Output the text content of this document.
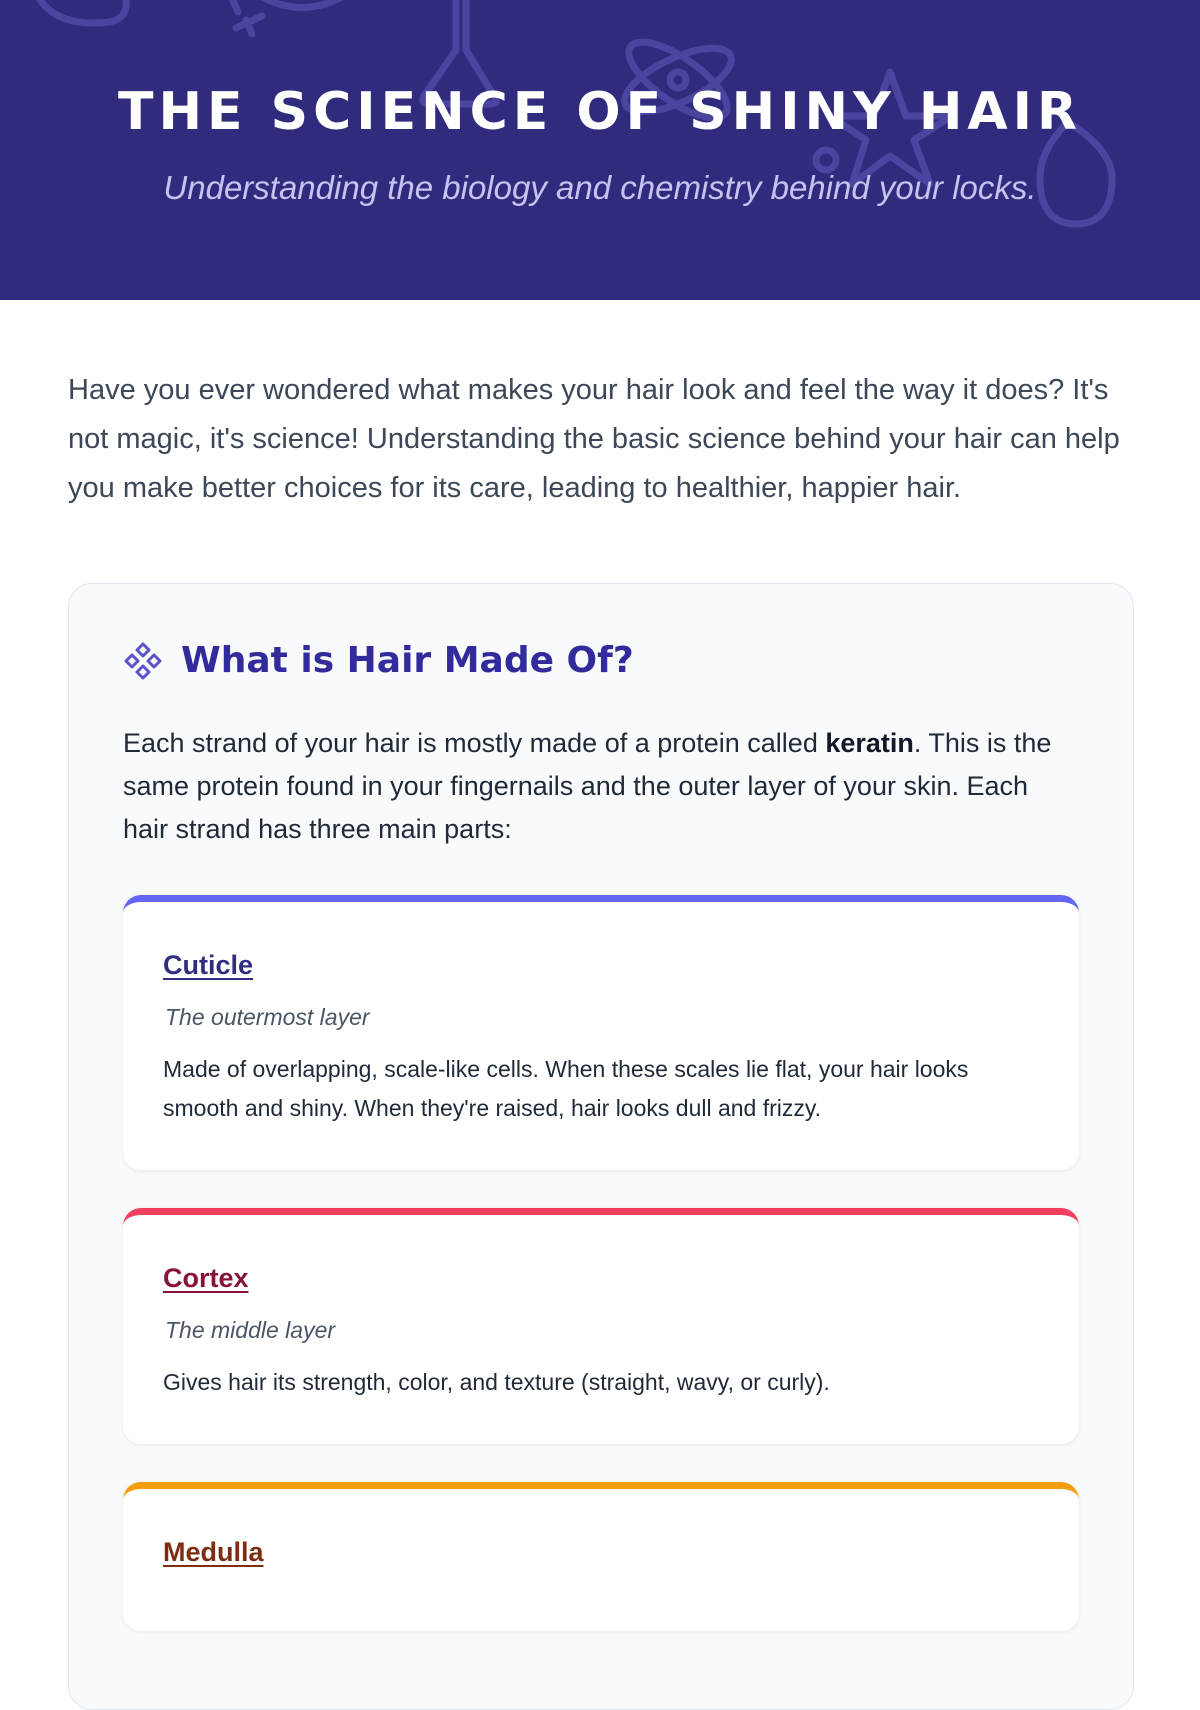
THE SCIENCE OF SHINY HAIR

Understanding the biology and chemistry behind your locks.

Have you ever wondered what makes your hair look and feel the way it does? It's not magic, it's science! Understanding the basic science behind your hair can help you make better choices for its care, leading to healthier, happier hair.

What is Hair Made Of?

Each strand of your hair is mostly made of a protein called keratin. This is the same protein found in your fingernails and the outer layer of your skin. Each hair strand has three main parts:

Cuticle

The outermost layer

Made of overlapping, scale-like cells. When these scales lie flat, your hair looks smooth and shiny. When they're raised, hair looks dull and frizzy.

Cortex

The middle layer

Gives hair its strength, color, and texture (straight, wavy, or curly).

Medulla
